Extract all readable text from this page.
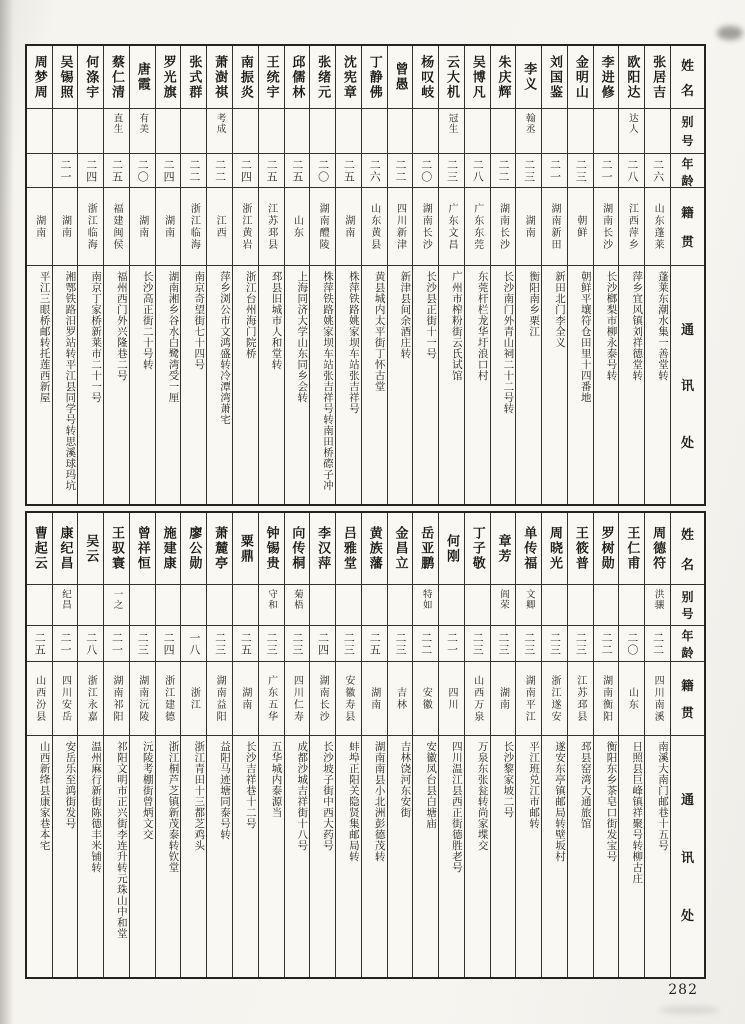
姓
名
别
号
年
龄
籍
贯
通
讯
处
张居吉
二六
山东蓬莱
蓬莱东潮水集一善堂转
欧阳达
达人
二八
江西萍乡
萍乡宜风镇刘祥德堂转
李进修
二一
湖南长沙
长沙榔梨市柳永泰号转
金明山
二三
朝鲜
朝鲜平壤符仓田里十四番地
刘国鉴
二一
湖南新田
新田北门李全义
李义
翰丞
二三
湖南
衡阳南乡栗江
朱庆辉
二二
湖南长沙
长沙南门外青山祠二十二号转
吴博凡
二八
广东东莞
东莞杆栏龙华圩浪口村
云大机
冠生
二三
广东文昌
广州市榨粉街云氏试馆
杨叹岐
二〇
湖南长沙
长沙县正街十一号
曾愚
二二
四川新津
新津县间余酒庄转
丁静佛
二六
山东黄县
黄县城内太平街丁怀古堂
沈宪章
二五
湖南
株萍铁路姚家坝车站张吉祥号
张绪元
二〇
湖南醴陵
株萍铁路姚家坝车站张吉祥号转南田桥磜子冲
邱儒林
二五
山东
上海同济大学山东同乡会转
王统宇
二五
江苏邳县
邳县旧城市人和堂转
南振炎
二四
浙江黄岩
浙江台州海门院桥
萧澍祺
考成
二二
江西
萍乡浏公市文鸿盛转冷潭湾萧宅
张式群
二二
浙江临海
南京奇望街七十四号
罗光旗
二四
湖南
湖南湘乡谷水白鹭湾受一厘
唐霞
有美
二〇
湖南
长沙高正街二十号转
蔡仁清
直生
二五
福建闽侯
福州西门外兴隆巷二号
何涤宇
二四
浙江临海
南京丁家桥新莱市二十一号
吴锡照
二一
湖南
湘鄂铁路汨罗站转平江县同学号转思溪球玛坑
周梦周
湖南
平江三眼桥邮转托莲西新屋
姓
名
别
号
年
龄
籍
贯
通
讯
处
周德符
洪骧
二二
四川南溪
南溪大南门邮巷十五号
王仁甫
二〇
山东
日照县巨峰镇祥聚号转柳古庄
罗树勋
二二
湖南衡阳
衡阳东乡茶皂口街发宝号
王筱普
二三
江苏邳县
邳县窑湾大通旅馆
周晓光
二三
浙江遂安
遂安东亭镇邮局转壁坂村
单传福
文卿
二三
湖南平江
平江班兑江市邮转
章芳
阎荣
二三
湖南
长沙黎家坡二号
丁子敬
二三
山西万泉
万泉东张瓮转尚家堞交
何刚
二一
四川
四川温江县西正街德胜老号
岳亚鹏
特如
二二
安徽
安徽凤台县白塘庙
金昌立
二三
吉林
吉林饶河东安街
黄族藩
二五
湖南
湖南南县小北洲彭德茂转
吕雅堂
二三
安徽寿县
蚌埠正阳关隐贤集邮局转
李汉萍
二四
湖南长沙
长沙坡子街中西大药号
向传桐
菊梧
二三
四川仁寿
成都沙城吉祥街十八号
钟锡贵
守和
二三
广东五华
五华城内泰源当
粟鼎
二五
湖南
长沙吉祥巷十二号
萧麓亭
二三
湖南益阳
益阳马迹塘同泰号转
廖公勋
一八
浙江
浙江青田十三都芝鸡头
施建康
二四
浙江建德
浙江桐芦芝镇新茂泰转钦堂
曾祥恒
二三
湖南沅陵
沅陵考棚街曾炳文交
王驭寰
一之
二一
湖南祁阳
祁阳文明市正兴街李连升转元珠山中和堂
吴云
二八
浙江永嘉
温州麻行新街陈德丰米铺转
康纪昌
纪昌
二一
四川安岳
安岳乐至鸿街发号
曹起云
二五
山西汾县
山西新绛县康家巷本宅
282
